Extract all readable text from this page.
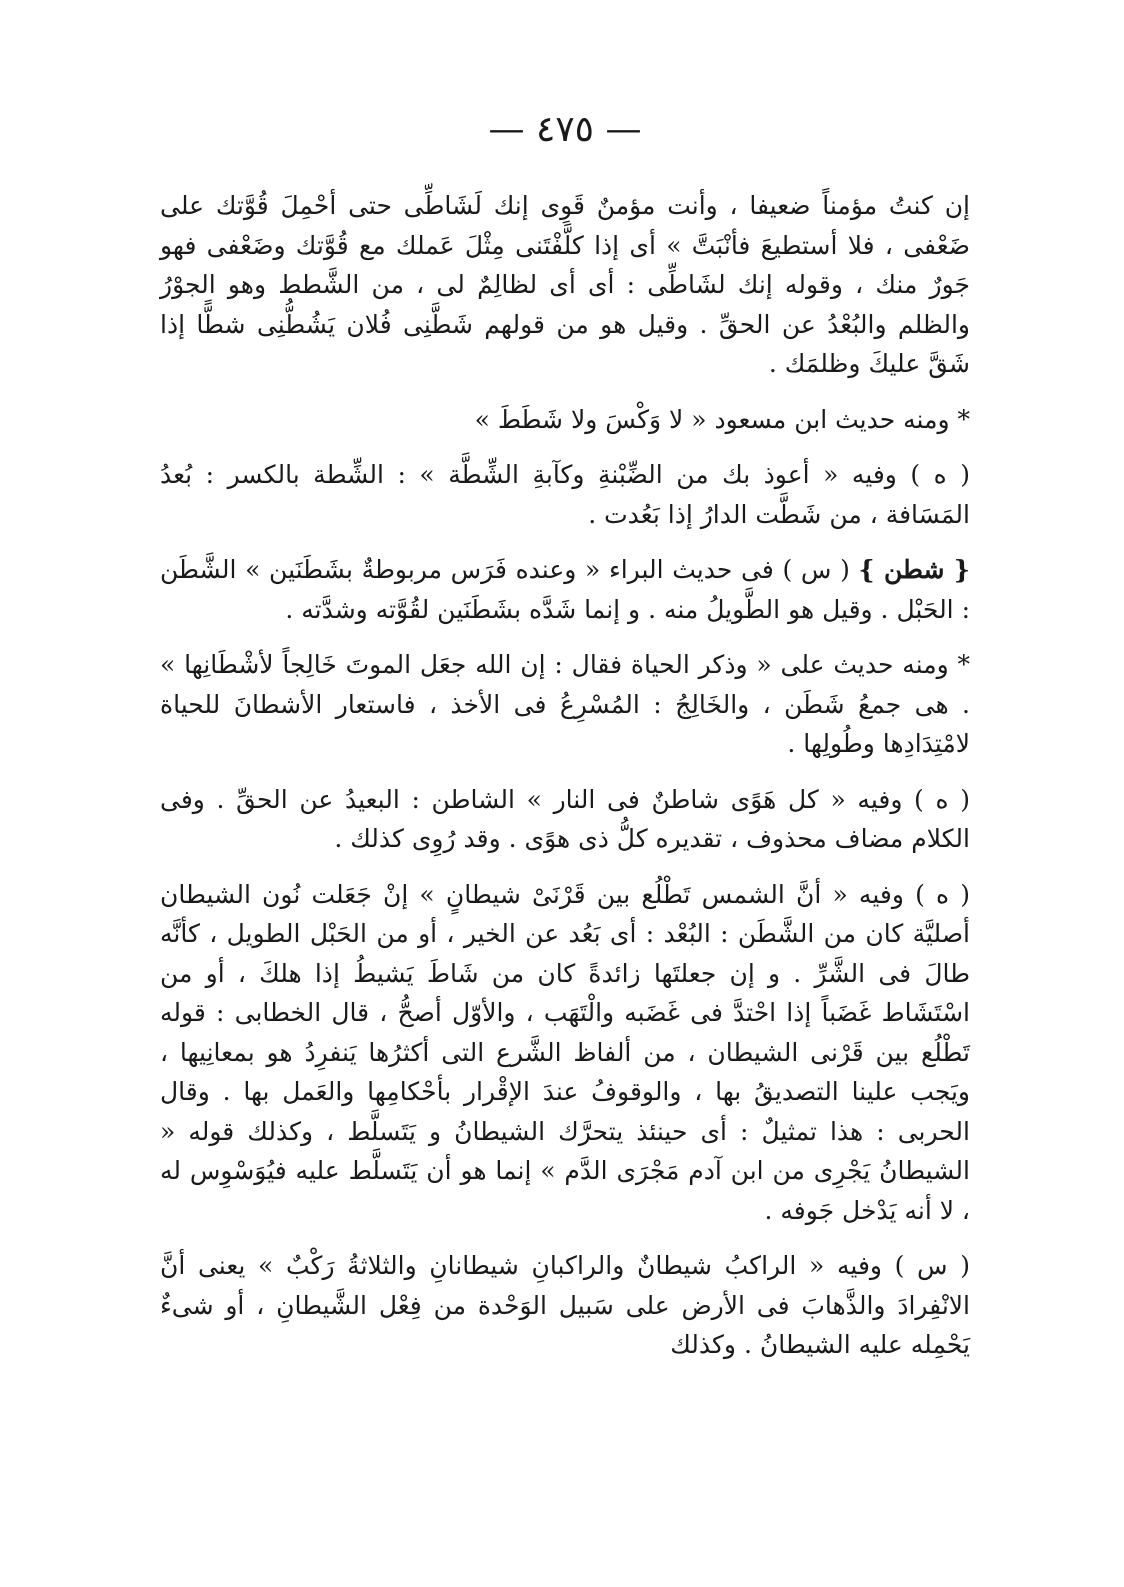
— ٤٧٥ —

إن كنتُ مؤمناً ضعيفا ، وأنت مؤمنٌ قَوِى إنك لَشَاطِّى حتى أحْمِلَ قُوَّتك على ضَعْفى ، فلا أستطيعَ فأنْبَتَّ » أى إذا كلَّفْتَنى مِثْلَ عَملك مع قُوَّتك وضَعْفى فهو جَورٌ منك ، وقوله إنك لشَاطِّى : أى أى لظالِمٌ لى ، من الشَّطط وهو الجوْرُ والظلم والبُعْدُ عن الحقِّ . وقيل هو من قولهم شَطَّنِى فُلان يَشُطُّنِى شطًّا إذا شَقَّ عليكَ وظلمَك .

* ومنه حديث ابن مسعود « لا وَكْسَ ولا شَطَطَ »

( ه ) وفيه « أعوذ بك من الضِّبْنةِ وكآبةِ الشِّطَّة » : الشِّطة بالكسر : بُعدُ المَسَافة ، من شَطَّت الدارُ إذا بَعُدت .

{ شطن } ( س ) فى حديث البراء « وعنده فَرَس مربوطةٌ بشَطَنَين » الشَّطَن : الحَبْل . وقيل هو الطَّويلُ منه . و إنما شَدَّه بشَطَنَين لقُوَّته وشدَّته .

* ومنه حديث على « وذكر الحياة فقال : إن الله جعَل الموتَ خَالِجاً لأشْطَانِها » . هى جمعُ شَطَن ، والخَالِجُ : المُسْرِعُ فى الأخذ ، فاستعار الأشطانَ للحياة لامْتِدَادِها وطُولِها .

( ه ) وفيه « كل هَوًى شاطنٌ فى النار » الشاطن : البعيدُ عن الحقِّ . وفى الكلام مضاف محذوف ، تقديره كلُّ ذى هوًى . وقد رُوِى كذلك .

( ه ) وفيه « أنَّ الشمس تَطْلُع بين قَرْنَىْ شيطانٍ » إنْ جَعَلت نُون الشيطان أصليَّة كان من الشَّطَن : البُعْد : أى بَعُد عن الخير ، أو من الحَبْل الطويل ، كأنَّه طالَ فى الشَّرِّ . و إن جعلتَها زائدةً كان من شَاطَ يَشيطُ إذا هلكَ ، أو من اسْتَشَاط غَضَباً إذا احْتدَّ فى غَضَبه والْتَهَب ، والأوّل أصحُّ ، قال الخطابى : قوله تَطْلُع بين قَرْنى الشيطان ، من ألفاظ الشَّرع التى أكثرُها يَنفرِدُ هو بمعانِيها ، ويَجب علينا التصديقُ بها ، والوقوفُ عندَ الإقْرار بأحْكامِها والعَمل بها . وقال الحربى : هذا تمثيلٌ : أى حينئذ يتحرَّك الشيطانُ و يَتَسلَّط ، وكذلك قوله « الشيطانُ يَجْرِى من ابن آدم مَجْرَى الدَّم » إنما هو أن يَتَسلَّط عليه فيُوَسْوِس له ، لا أنه يَدْخل جَوفه .

( س ) وفيه « الراكبُ شيطانٌ والراكبانِ شيطانانِ والثلاثةُ رَكْبٌ » يعنى أنَّ الانْفِرادَ والذَّهابَ فى الأرض على سَبيل الوَحْدة من فِعْل الشَّيطانِ ، أو شىءٌ يَحْمِله عليه الشيطانُ . وكذلك
